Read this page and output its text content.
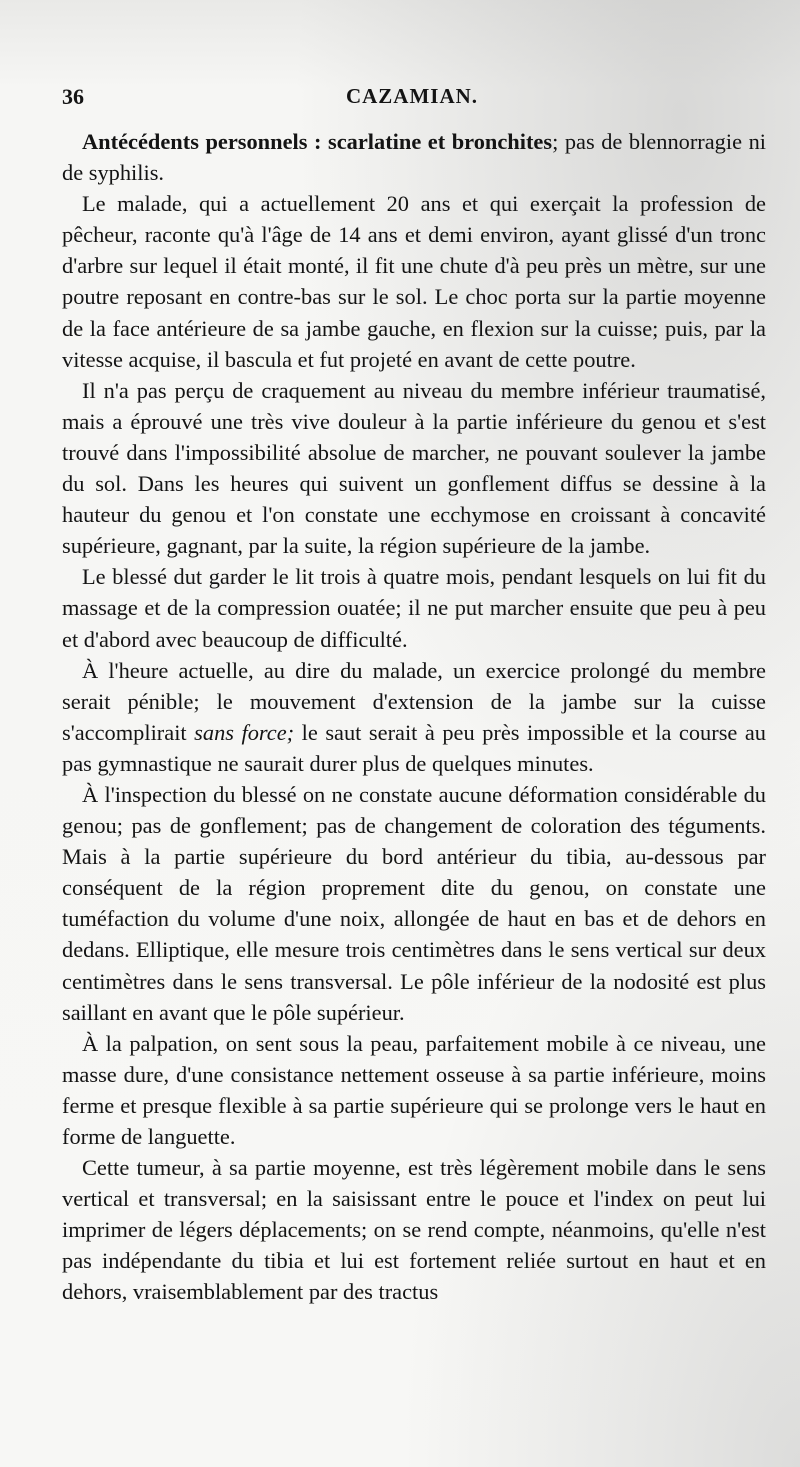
36	CAZAMIAN.

Antécédents personnels : scarlatine et bronchites; pas de blennorragie ni de syphilis.

Le malade, qui a actuellement 20 ans et qui exerçait la profession de pêcheur, raconte qu'à l'âge de 14 ans et demi environ, ayant glissé d'un tronc d'arbre sur lequel il était monté, il fit une chute d'à peu près un mètre, sur une poutre reposant en contre-bas sur le sol. Le choc porta sur la partie moyenne de la face antérieure de sa jambe gauche, en flexion sur la cuisse; puis, par la vitesse acquise, il bascula et fut projeté en avant de cette poutre.

Il n'a pas perçu de craquement au niveau du membre inférieur traumatisé, mais a éprouvé une très vive douleur à la partie inférieure du genou et s'est trouvé dans l'impossibilité absolue de marcher, ne pouvant soulever la jambe du sol. Dans les heures qui suivent un gonflement diffus se dessine à la hauteur du genou et l'on constate une ecchymose en croissant à concavité supérieure, gagnant, par la suite, la région supérieure de la jambe.

Le blessé dut garder le lit trois à quatre mois, pendant lesquels on lui fit du massage et de la compression ouatée; il ne put marcher ensuite que peu à peu et d'abord avec beaucoup de difficulté.

À l'heure actuelle, au dire du malade, un exercice prolongé du membre serait pénible; le mouvement d'extension de la jambe sur la cuisse s'accomplirait sans force; le saut serait à peu près impossible et la course au pas gymnastique ne saurait durer plus de quelques minutes.

À l'inspection du blessé on ne constate aucune déformation considérable du genou; pas de gonflement; pas de changement de coloration des téguments. Mais à la partie supérieure du bord antérieur du tibia, au-dessous par conséquent de la région proprement dite du genou, on constate une tuméfaction du volume d'une noix, allongée de haut en bas et de dehors en dedans. Elliptique, elle mesure trois centimètres dans le sens vertical sur deux centimètres dans le sens transversal. Le pôle inférieur de la nodosité est plus saillant en avant que le pôle supérieur.

À la palpation, on sent sous la peau, parfaitement mobile à ce niveau, une masse dure, d'une consistance nettement osseuse à sa partie inférieure, moins ferme et presque flexible à sa partie supérieure qui se prolonge vers le haut en forme de languette.

Cette tumeur, à sa partie moyenne, est très légèrement mobile dans le sens vertical et transversal; en la saisissant entre le pouce et l'index on peut lui imprimer de légers déplacements; on se rend compte, néanmoins, qu'elle n'est pas indépendante du tibia et lui est fortement reliée surtout en haut et en dehors, vraisemblablement par des tractus
